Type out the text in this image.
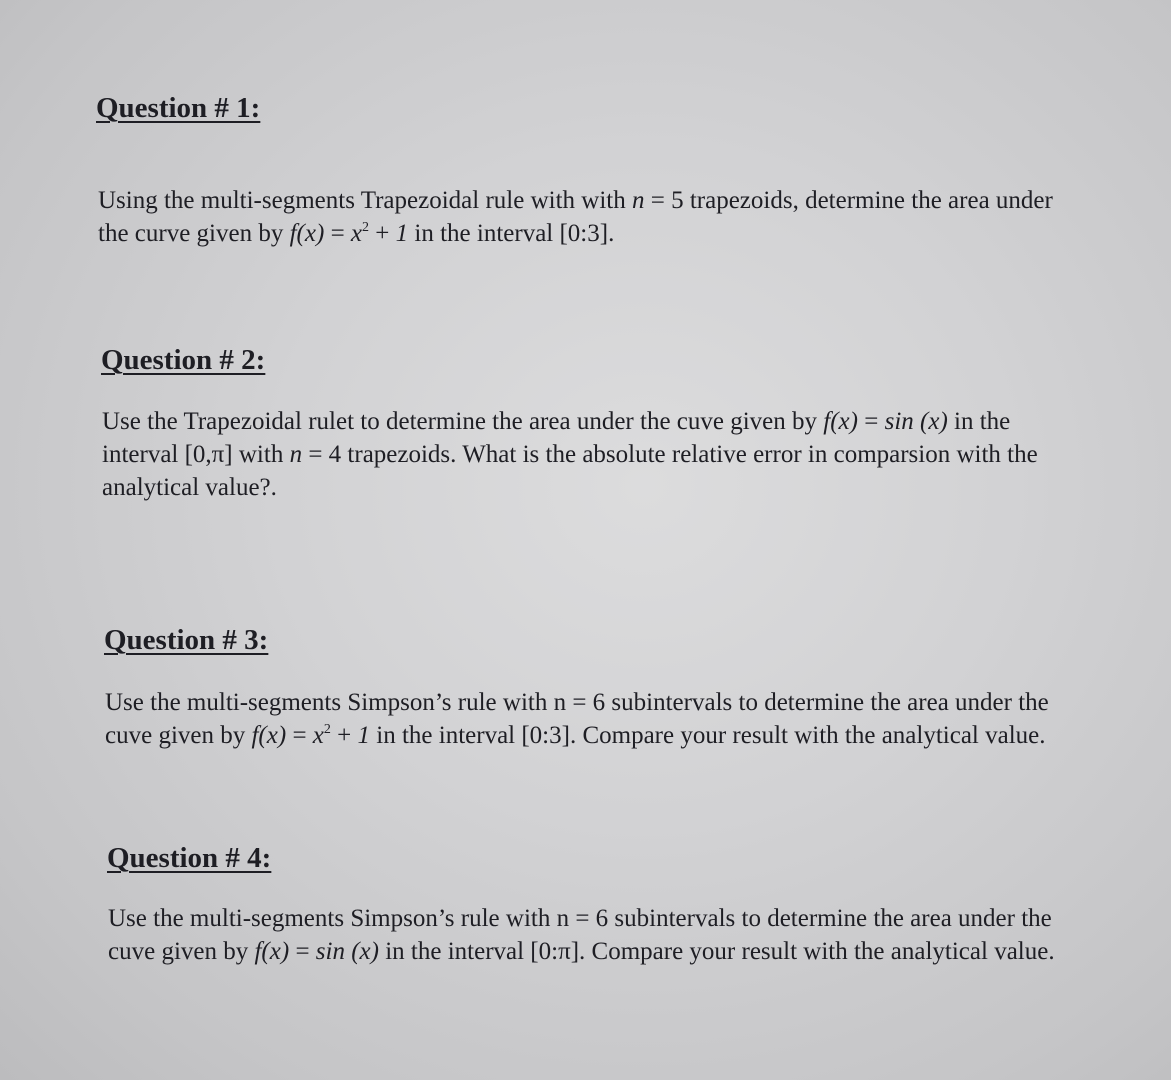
Question # 1:
Using the multi-segments Trapezoidal rule with with n = 5 trapezoids, determine the area under
the curve given by $f(x) = x^2 + 1$ in the interval [0:3].
Question # 2:
Use the Trapezoidal rulet to determine the area under the cuve given by f(x) = sin (x) in the
interval [0,π] with n = 4 trapezoids. What is the absolute relative error in comparsion with the
analytical value?.
Question # 3:
Use the multi-segments Simpson’s rule with n = 6 subintervals to determine the area under the
cuve given by $f(x) = x^2 + 1$ in the interval [0:3]. Compare your result with the analytical value.
Question # 4:
Use the multi-segments Simpson’s rule with n = 6 subintervals to determine the area under the
cuve given by f(x) = sin (x) in the interval [0:π]. Compare your result with the analytical value.
